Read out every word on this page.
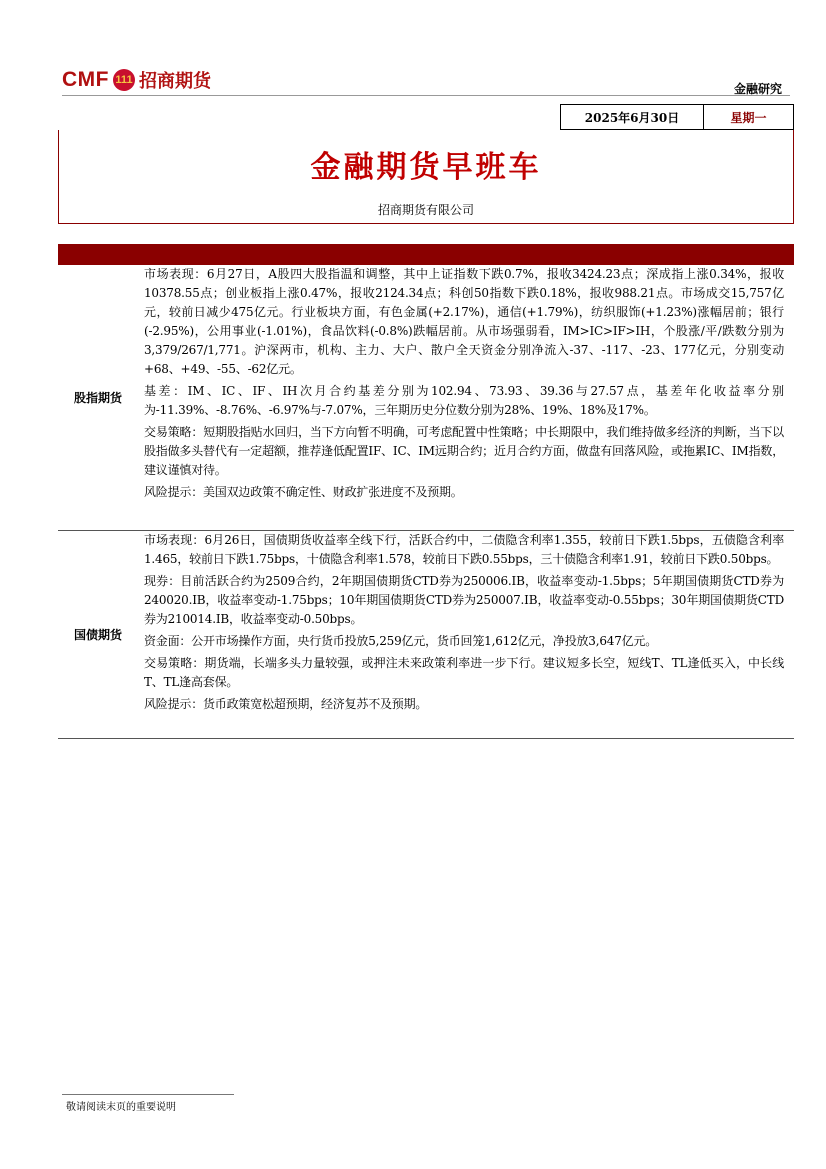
CMF 111 招商期货	金融研究
2025年6月30日	星期一
金融期货早班车
招商期货有限公司
股指期货

市场表现：6月27日，A股四大股指温和调整，其中上证指数下跌0.7%，报收3424.23点；深成指上涨0.34%，报收10378.55点；创业板指上涨0.47%，报收2124.34点；科创50指数下跌0.18%，报收988.21点。市场成交15,757亿元，较前日减少475亿元。行业板块方面，有色金属(+2.17%)，通信(+1.79%)，纺织服饰(+1.23%)涨幅居前；银行(-2.95%)，公用事业(-1.01%)，食品饮料(-0.8%)跌幅居前。从市场强弱看，IM>IC>IF>IH，个股涨/平/跌数分别为3,379/267/1,771。沪深两市，机构、主力、大户、散户全天资金分别净流入-37、-117、-23、177亿元，分别变动+68、+49、-55、-62亿元。

基差：IM、IC、IF、IH次月合约基差分别为102.94、73.93、39.36与27.57点，基差年化收益率分别为-11.39%、-8.76%、-6.97%与-7.07%，三年期历史分位数分别为28%、19%、18%及17%。

交易策略：短期股指贴水回归，当下方向暂不明确，可考虑配置中性策略；中长期限中，我们维持做多经济的判断，当下以股指做多头替代有一定超额，推荐逢低配置IF、IC、IM远期合约；近月合约方面，做盘有回落风险，或拖累IC、IM指数，建议谨慎对待。

风险提示：美国双边政策不确定性、财政扩张进度不及预期。

国债期货

市场表现：6月26日，国债期货收益率全线下行，活跃合约中，二债隐含利率1.355，较前日下跌1.5bps，五债隐含利率1.465，较前日下跌1.75bps，十债隐含利率1.578，较前日下跌0.55bps，三十债隐含利率1.91，较前日下跌0.50bps。

现券：目前活跃合约为2509合约，2年期国债期货CTD券为250006.IB，收益率变动-1.5bps；5年期国债期货CTD券为240020.IB，收益率变动-1.75bps；10年期国债期货CTD券为250007.IB，收益率变动-0.55bps；30年期国债期货CTD券为210014.IB，收益率变动-0.50bps。

资金面：公开市场操作方面，央行货币投放5,259亿元，货币回笼1,612亿元，净投放3,647亿元。

交易策略：期货端，长端多头力量较强，或押注未来政策利率进一步下行。建议短多长空，短线T、TL逢低买入，中长线T、TL逢高套保。

风险提示：货币政策宽松超预期，经济复苏不及预期。

敬请阅读末页的重要说明
